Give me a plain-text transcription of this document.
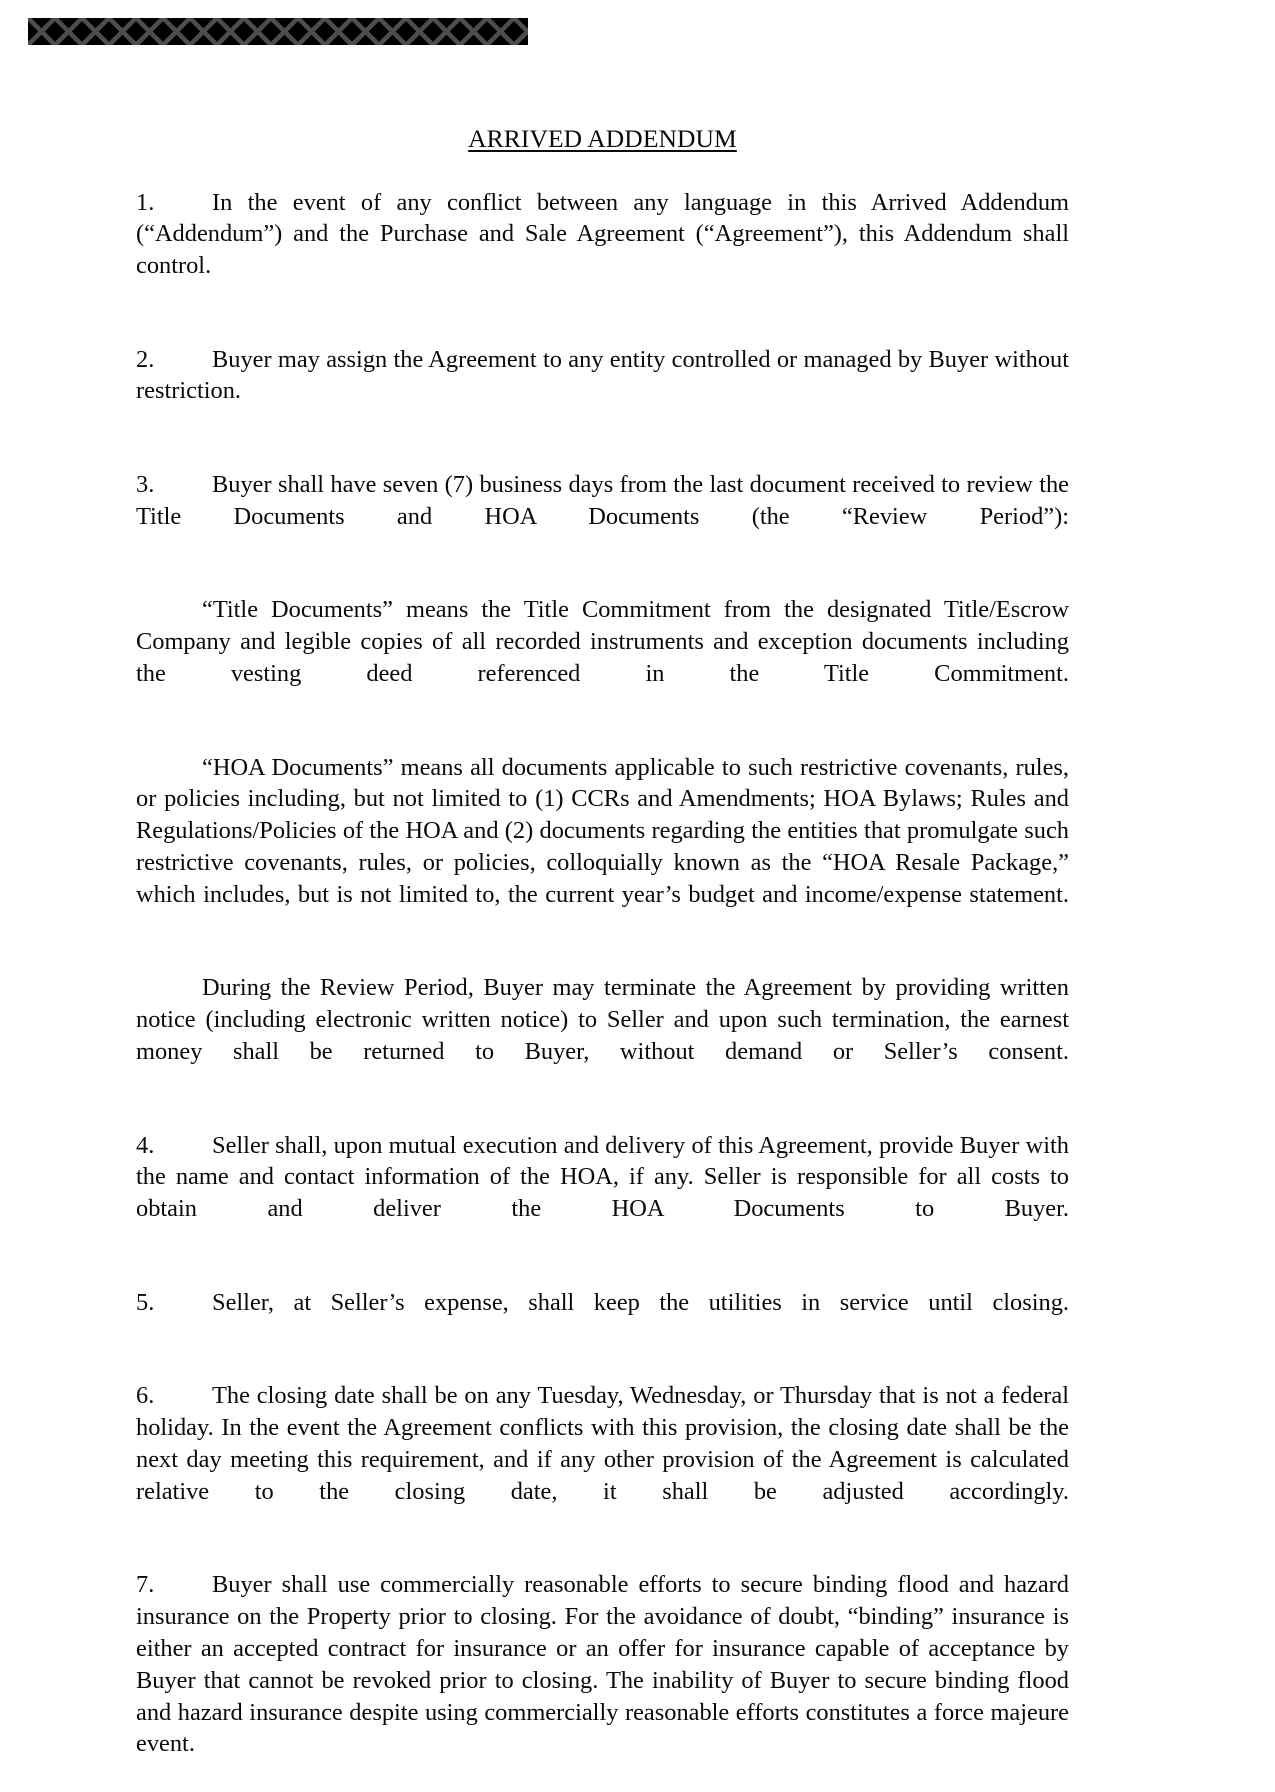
ARRIVED ADDENDUM

1. In the event of any conflict between any language in this Arrived Addendum (“Addendum”) and the Purchase and Sale Agreement (“Agreement”), this Addendum shall control.

2. Buyer may assign the Agreement to any entity controlled or managed by Buyer without restriction.

3. Buyer shall have seven (7) business days from the last document received to review the Title Documents and HOA Documents (the “Review Period”):

“Title Documents” means the Title Commitment from the designated Title/Escrow Company and legible copies of all recorded instruments and exception documents including the vesting deed referenced in the Title Commitment.

“HOA Documents” means all documents applicable to such restrictive covenants, rules, or policies including, but not limited to (1) CCRs and Amendments; HOA Bylaws; Rules and Regulations/Policies of the HOA and (2) documents regarding the entities that promulgate such restrictive covenants, rules, or policies, colloquially known as the “HOA Resale Package,” which includes, but is not limited to, the current year’s budget and income/expense statement.

During the Review Period, Buyer may terminate the Agreement by providing written notice (including electronic written notice) to Seller and upon such termination, the earnest money shall be returned to Buyer, without demand or Seller’s consent.

4. Seller shall, upon mutual execution and delivery of this Agreement, provide Buyer with the name and contact information of the HOA, if any. Seller is responsible for all costs to obtain and deliver the HOA Documents to Buyer.

5. Seller, at Seller’s expense, shall keep the utilities in service until closing.

6. The closing date shall be on any Tuesday, Wednesday, or Thursday that is not a federal holiday. In the event the Agreement conflicts with this provision, the closing date shall be the next day meeting this requirement, and if any other provision of the Agreement is calculated relative to the closing date, it shall be adjusted accordingly.

7. Buyer shall use commercially reasonable efforts to secure binding flood and hazard insurance on the Property prior to closing. For the avoidance of doubt, “binding” insurance is either an accepted contract for insurance or an offer for insurance capable of acceptance by Buyer that cannot be revoked prior to closing. The inability of Buyer to secure binding flood and hazard insurance despite using commercially reasonable efforts constitutes a force majeure event.
